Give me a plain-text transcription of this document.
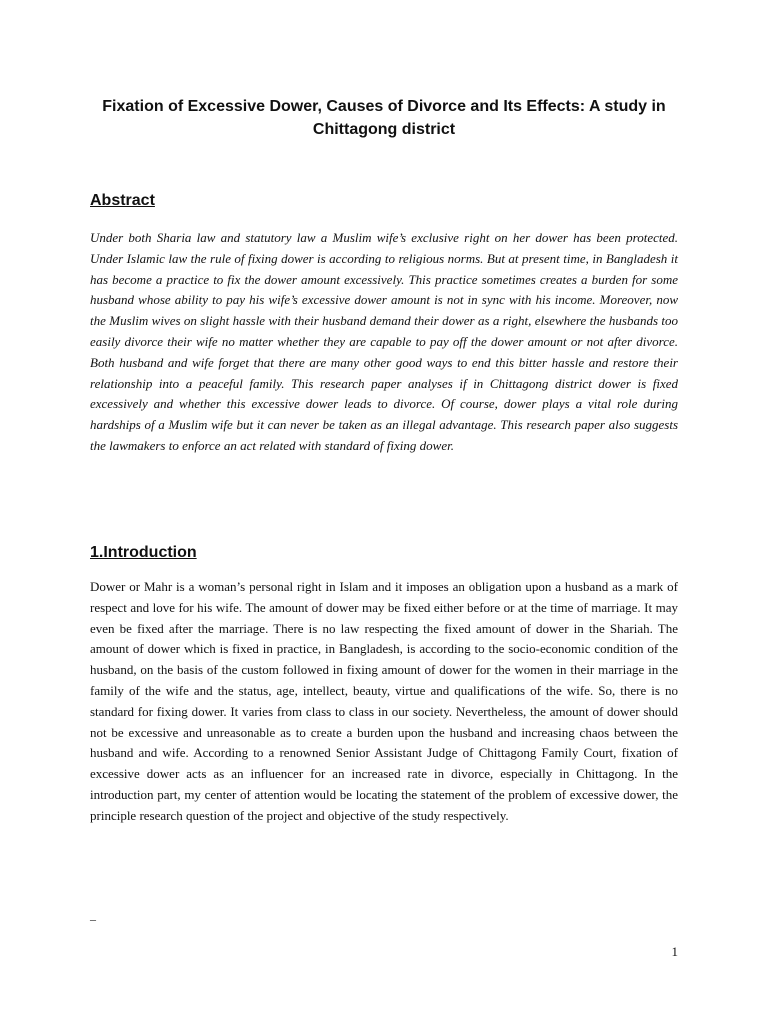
Fixation of Excessive Dower, Causes of Divorce and Its Effects: A study in Chittagong district
Abstract

Under both Sharia law and statutory law a Muslim wife’s exclusive right on her dower has been protected. Under Islamic law the rule of fixing dower is according to religious norms. But at present time, in Bangladesh it has become a practice to fix the dower amount excessively. This practice sometimes creates a burden for some husband whose ability to pay his wife’s excessive dower amount is not in sync with his income. Moreover, now the Muslim wives on slight hassle with their husband demand their dower as a right, elsewhere the husbands too easily divorce their wife no matter whether they are capable to pay off the dower amount or not after divorce. Both husband and wife forget that there are many other good ways to end this bitter hassle and restore their relationship into a peaceful family. This research paper analyses if in Chittagong district dower is fixed excessively and whether this excessive dower leads to divorce. Of course, dower plays a vital role during hardships of a Muslim wife but it can never be taken as an illegal advantage. This research paper also suggests the lawmakers to enforce an act related with standard of fixing dower.

1.Introduction

Dower or Mahr is a woman’s personal right in Islam and it imposes an obligation upon a husband as a mark of respect and love for his wife. The amount of dower may be fixed either before or at the time of marriage. It may even be fixed after the marriage. There is no law respecting the fixed amount of dower in the Shariah. The amount of dower which is fixed in practice, in Bangladesh, is according to the socio-economic condition of the husband, on the basis of the custom followed in fixing amount of dower for the women in their marriage in the family of the wife and the status, age, intellect, beauty, virtue and qualifications of the wife. So, there is no standard for fixing dower. It varies from class to class in our society. Nevertheless, the amount of dower should not be excessive and unreasonable as to create a burden upon the husband and increasing chaos between the husband and wife. According to a renowned Senior Assistant Judge of Chittagong Family Court, fixation of excessive dower acts as an influencer for an increased rate in divorce, especially in Chittagong. In the introduction part, my center of attention would be locating the statement of the problem of excessive dower, the principle research question of the project and objective of the study respectively.

–

1
